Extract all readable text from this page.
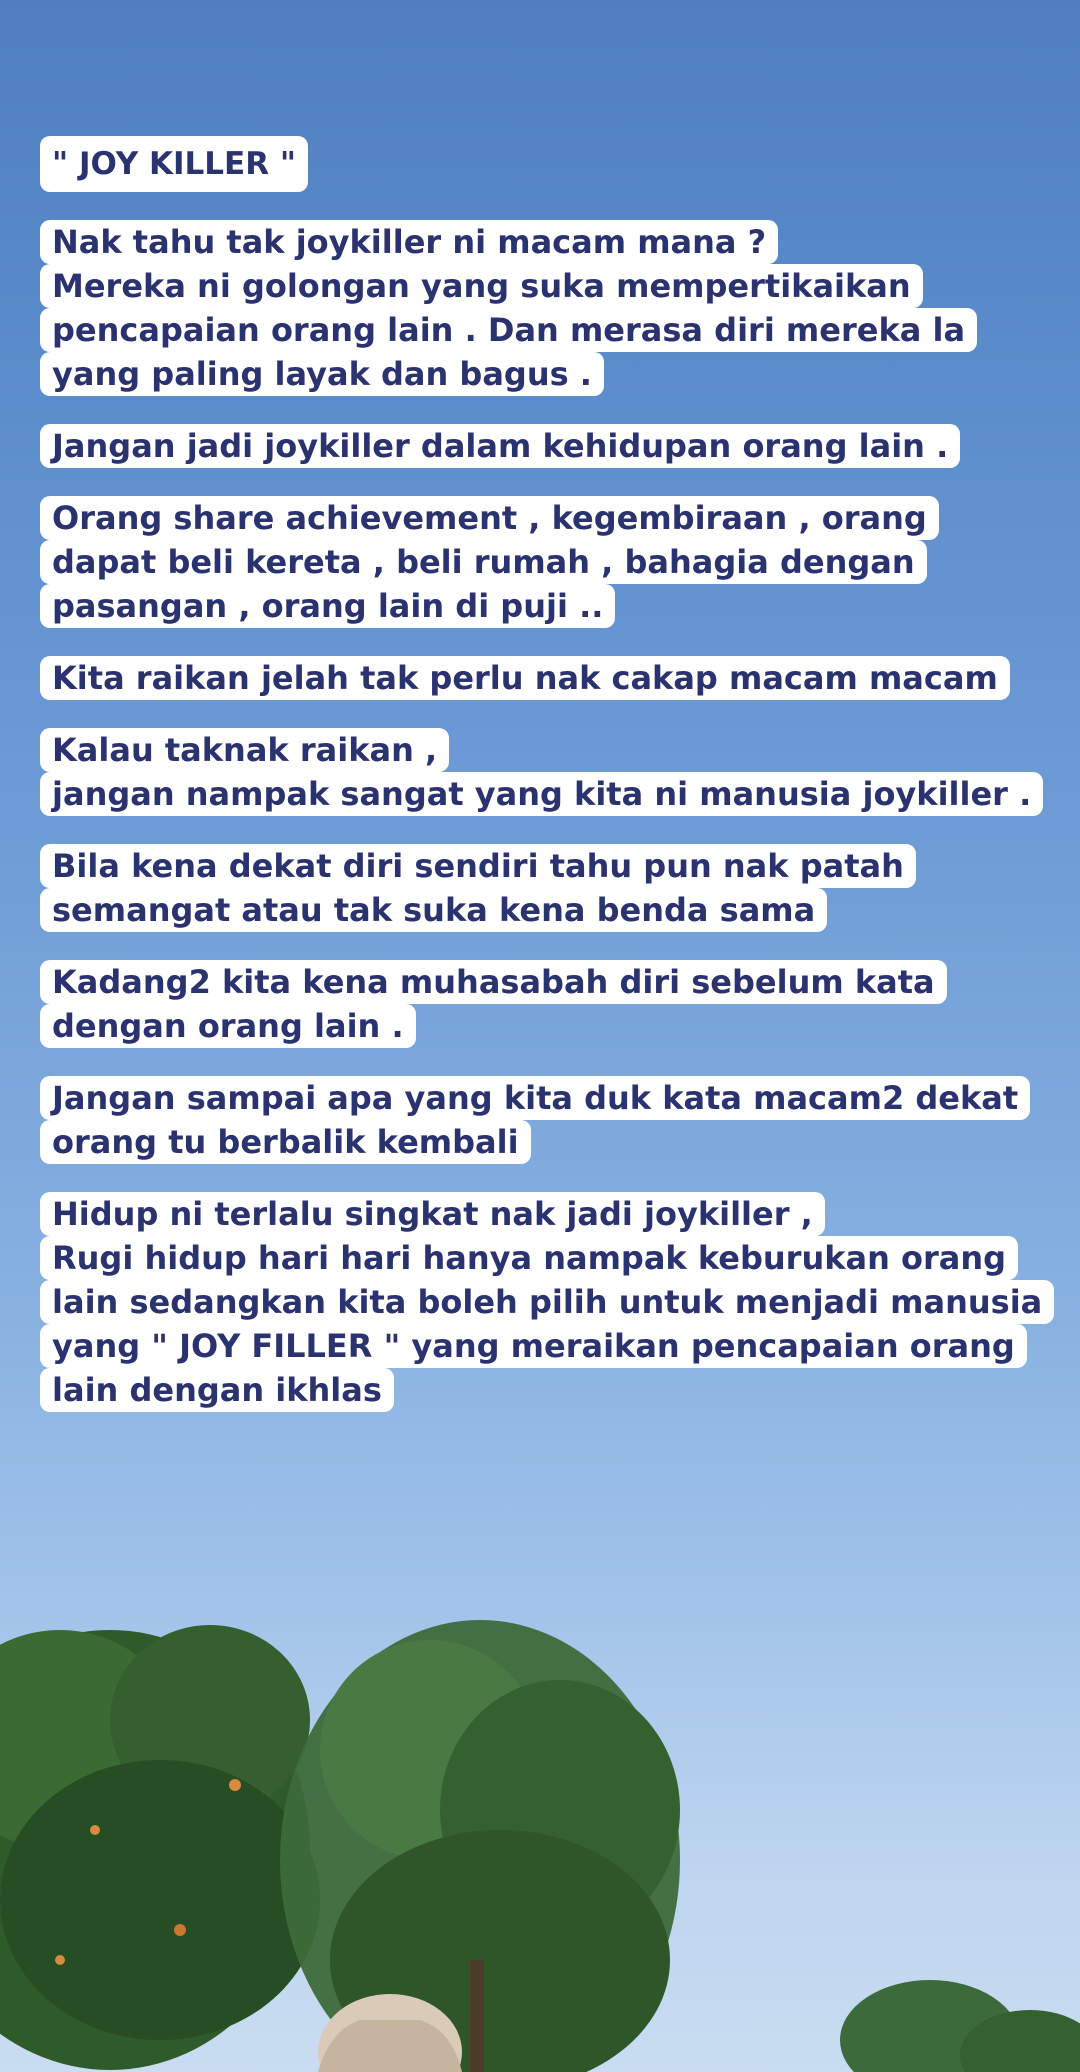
" JOY KILLER "
Nak tahu tak joykiller ni macam mana ?
Mereka ni golongan yang suka mempertikaikan
pencapaian orang lain . Dan merasa diri mereka la
yang paling layak dan bagus .
Jangan jadi joykiller dalam kehidupan orang lain .
Orang share achievement , kegembiraan , orang
dapat beli kereta , beli rumah , bahagia dengan
pasangan , orang lain di puji ..
Kita raikan jelah tak perlu nak cakap macam macam
Kalau taknak raikan ,
jangan nampak sangat yang kita ni manusia joykiller .
Bila kena dekat diri sendiri tahu pun nak patah
semangat atau tak suka kena benda sama
Kadang2 kita kena muhasabah diri sebelum kata
dengan orang lain .
Jangan sampai apa yang kita duk kata macam2 dekat
orang tu berbalik kembali
Hidup ni terlalu singkat nak jadi joykiller ,
Rugi hidup hari hari hanya nampak keburukan orang
lain sedangkan kita boleh pilih untuk menjadi manusia
yang " JOY FILLER " yang meraikan pencapaian orang
lain dengan ikhlas
